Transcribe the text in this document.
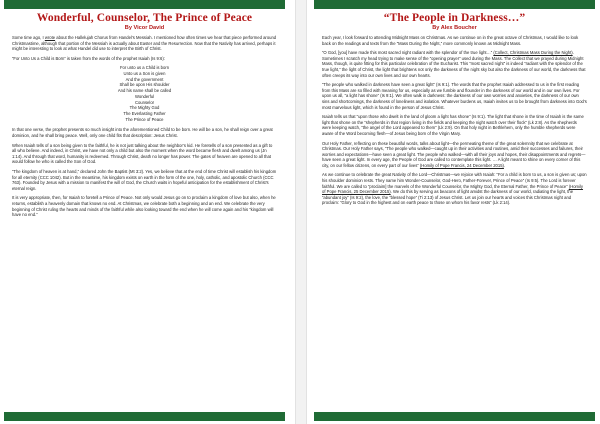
Wonderful, Counselor, The Prince of Peace
By Vicor David

Some time ago, I wrote about the Hallelujah Chorus from Handel’s Messiah. I mentioned how often times we hear that piece performed around Christmastime, although that portion of the Messiah is actually about Easter and the Resurrection. Now that the Nativity has arrived, perhaps it might be interesting to look at what Handel did use to interpret the Birth of Christ.

“For Unto Us a Child is Born” is taken from the words of the prophet Isaiah (Is 9:6):

For unto us a Child is born
Unto us a Son is given
And the government
Shall be upon His shoulder
And his name shall be called
Wonderful
Counselor
The Mighty God
The Everlasting Father
The Prince of Peace

In that one verse, the prophet presents so much insight into the aforementioned Child to be born. He will be a son, he shall reign over a great dominion, and he shall bring peace. Well, only one child fits that description: Jesus Christ.

When Isaiah tells of a son being given to the faithful, he is not just talking about the neighbor’s kid. He foretells of a son presented as a gift to all who believe. And indeed, in Christ, we have not only a child but also the moment when the word became flesh and dwelt among us (Jn 1:14). And through that word, humanity is redeemed. Through Christ, death no longer has power. The gates of heaven are opened to all that would follow he who is called the Son of God.

“The kingdom of heaven is at hand,” declared John the Baptist (Mt 3:2). Yes, we believe that at the end of time Christ will establish his kingdom for all eternity (CCC 1042). But in the meantime, his kingdom exists on earth in the form of the one, holy, catholic, and apostolic Church (CCC 763). Founded by Jesus with a mission to manifest the will of God, the Church waits in hopeful anticipation for the establishment of Christ’s eternal reign.

It is very appropriate, then, for Isaiah to foretell a Prince of Peace. Not only would Jesus go on to proclaim a kingdom of love but also, when he returns, establish a heavenly domain that knows no end. At Christmas, we celebrate both a beginning and an end. We celebrate the very beginning of Christ ruling the hearts and minds of the faithful while also looking toward the end when he will come again and his “kingdom will have no end.”

“The People in Darkness…”
By Alex Boucher

Each year, I look forward to attending Midnight Mass on Christmas. As we continue on in the great octave of Christmas, I would like to look back on the readings and texts from the “Mass During the Night,” more commonly known as Midnight Mass.

“O God, [you] have made this most sacred night radiant with the splendor of the true light…” (Collect, Christmas Mass During the Night). Sometimes I scratch my head trying to make sense of the “opening prayer” used during the Mass. The Collect that we prayed during Midnight Mass, though, is quite fitting for this particular celebration of the Eucharist. This “most sacred night” is indeed “radiant with the splendor of the true light,” the light of Christ, the light that brightens not only the darkness of the night sky but also the darkness of our world, the darkness that often creeps its way into our own lives and our own hearts.

“The people who walked in darkness have seen a great light” (Is 9:1). The words that the prophet Isaiah addressed to us in the first reading from this Mass are so filled with meaning for us, especially as we fumble and flounder in the darkness of our world and in our own lives. For upon us all, “a light has shone” (Is 9:1). We often walk in darkness: the darkness of our own worries and anxieties, the darkness of our own sins and shortcomings, the darkness of loneliness and isolation. Whatever burdens us, Isaiah invites us to be brought from darkness into God’s most marvelous light, which is found in the person of Jesus Christ.

Isaiah tells us that “upon those who dwelt in the land of gloom a light has shone” (Is 9:1). The light that shone in the time of Isaiah is the same light that shone on the “shepherds in that region living in the fields and keeping the night watch over their flock” (Lk 2:8). As the shepherds were keeping watch, “the angel of the Lord appeared to them” (Lk 2:9). On that holy night in Bethlehem, only the humble shepherds were aware of the Word becoming flesh—of Jesus being born of the Virgin Mary.

Our Holy Father, reflecting on these beautiful words, talks about light—the permeating theme of the great solemnity that we celebrate at Christmas. Our Holy Father says, “The people who walked—caught up in their activities and routines, amid their successes and failures, their worries and expectations—have seen a great light. The people who walked—with all their joys and hopes, their disappointments and regrets—have seen a great light. In every age, the People of God are called to contemplate this light. … A light meant to shine on every corner of this city, on our fellow citizens, on every part of our lives” (Homily of Pope Francis, 24 December 2015).

As we continue to celebrate the great Nativity of the Lord—Christmas—we rejoice with Isaiah: “For a child is born to us, a son is given us; upon his shoulder dominion rests. They name him Wonder-Counselor, God-Hero, Father-Forever, Prince of Peace” (Is 9:5). The Lord is forever faithful. We are called to “proclaim] the marvels of the Wonderful Counselor, the Mighty God, the Eternal Father, the Prince of Peace” (Homily of Pope Francis, 25 December 2015). We do this by serving as beacons of light amidst the darkness of our world, radiating the light, the “abundant joy” (Is 9:2), the love, the “blessed hope” (Ti 2:13) of Jesus Christ. Let us join our hearts and voices this Christmas night and proclaim: “Glory to God in the highest and on earth peace to those on whom his favor rests” (Lk 2:14).
